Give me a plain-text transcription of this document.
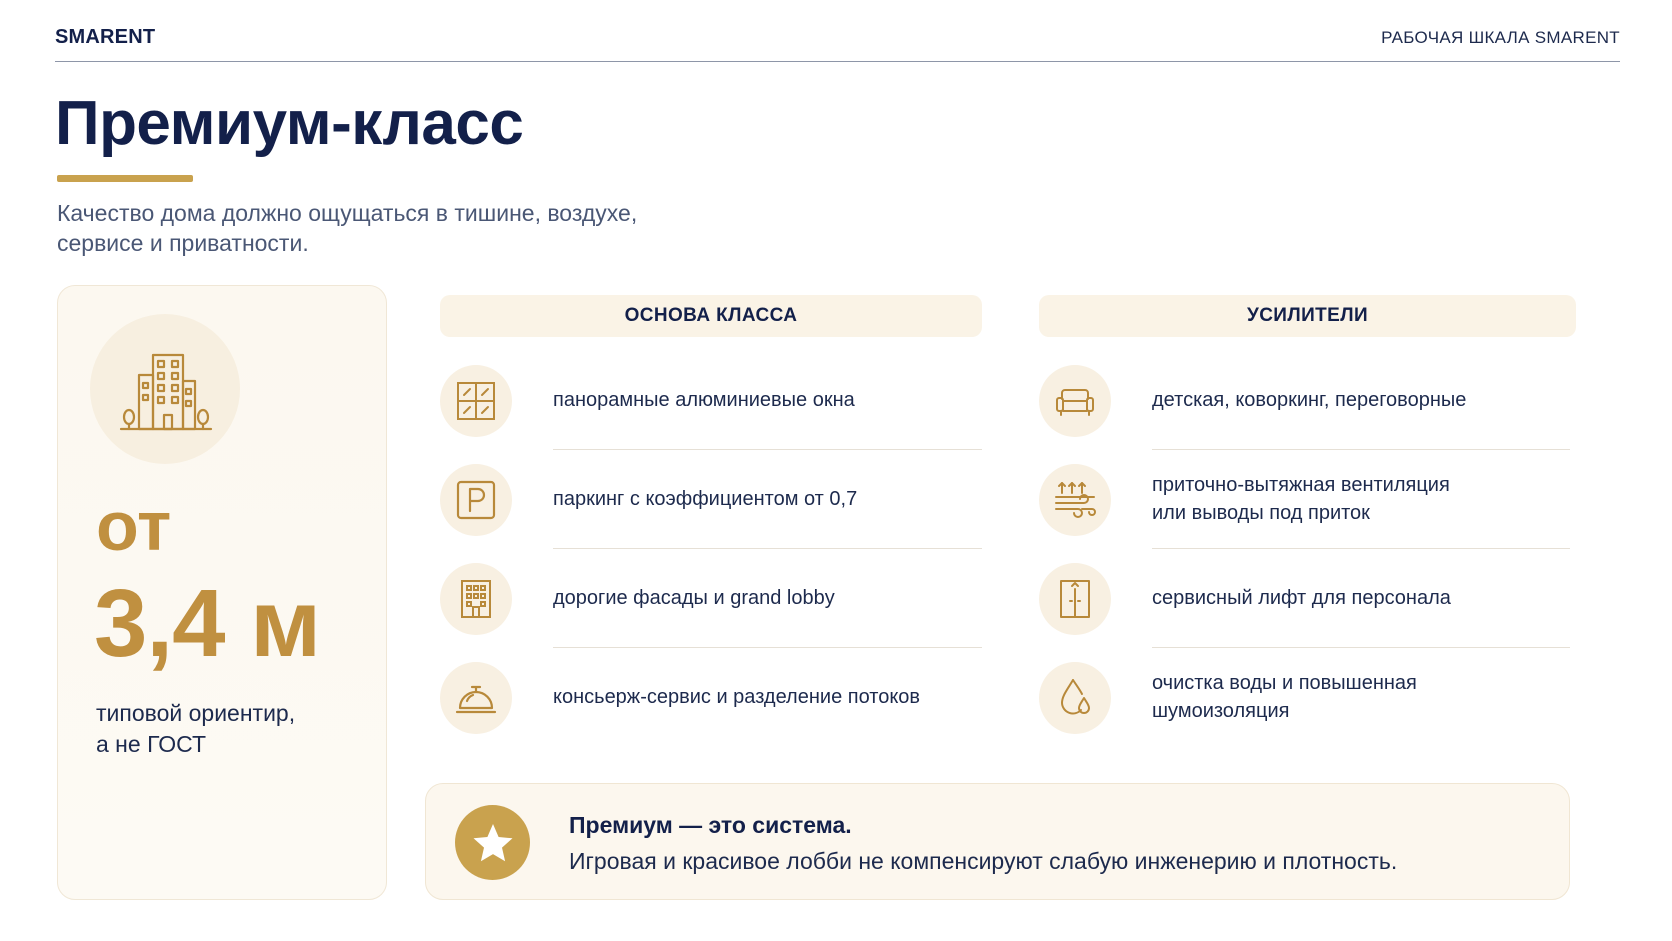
SMARENT	РАБОЧАЯ ШКАЛА SMARENT
Премиум-класс
Качество дома должно ощущаться в тишине, воздухе,
сервисе и приватности.
от
3,4 м
типовой ориентир,
а не ГОСТ
ОСНОВА КЛАССА
панорамные алюминиевые окна
паркинг с коэффициентом от 0,7
дорогие фасады и grand lobby
консьерж-сервис и разделение потоков
УСИЛИТЕЛИ
детская, коворкинг, переговорные
приточно-вытяжная вентиляция
или выводы под приток
сервисный лифт для персонала
очистка воды и повышенная
шумоизоляция
Премиум — это система.
Игровая и красивое лобби не компенсируют слабую инженерию и плотность.
